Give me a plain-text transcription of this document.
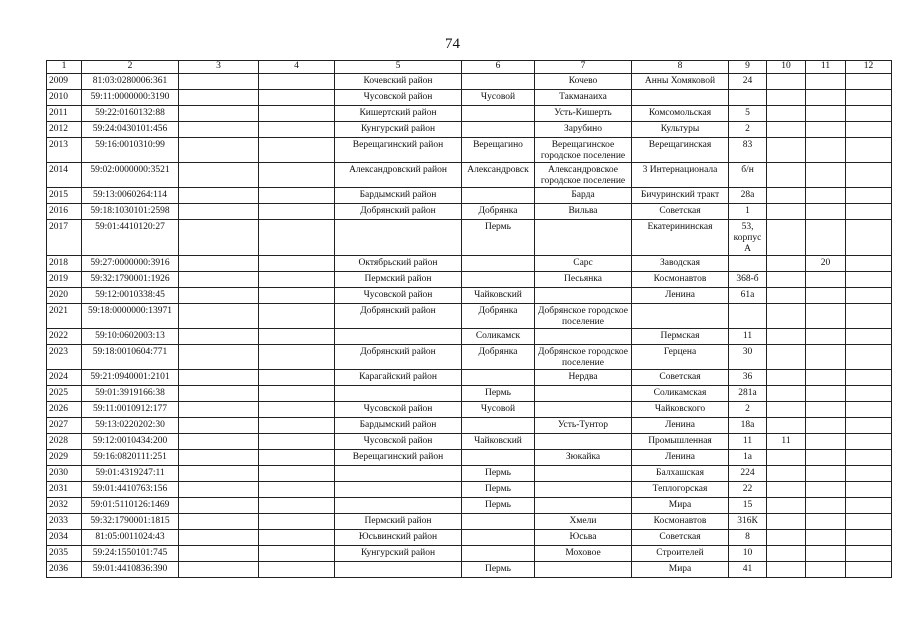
74
1	2	3	4	5	6	7	8	9	10	11	12
2009	81:03:0280006:361			Кочевский район		Кочево	Анны Хомяковой	24			
2010	59:11:0000000:3190			Чусовской район	Чусовой	Такманаиха					
2011	59:22:0160132:88			Кишертский район		Усть-Кишерть	Комсомольская	5			
2012	59:24:0430101:456			Кунгурский район		Зарубино	Культуры	2			
2013	59:16:0010310:99			Верещагинский район	Верещагино	Верещагинское городское поселение	Верещагинская	83			
2014	59:02:0000000:3521			Александровский район	Александровск	Александровское городское поселение	3 Интернационала	б/н			
2015	59:13:0060264:114			Бардымский район		Барда	Бичуринский тракт	28а			
2016	59:18:1030101:2598			Добрянский район	Добрянка	Вильва	Советская	1			
2017	59:01:4410120:27				Пермь		Екатерининская	53, корпус А			
2018	59:27:0000000:3916			Октябрьский район		Сарс	Заводская			20	
2019	59:32:1790001:1926			Пермский район		Песьянка	Космонавтов	368-б			
2020	59:12:0010338:45			Чусовской район	Чайковский		Ленина	61а			
2021	59:18:0000000:13971			Добрянский район	Добрянка	Добрянское городское поселение					
2022	59:10:0602003:13				Соликамск		Пермская	11			
2023	59:18:0010604:771			Добрянский район	Добрянка	Добрянское городское поселение	Герцена	30			
2024	59:21:0940001:2101			Карагайский район		Нердва	Советская	36			
2025	59:01:3919166:38				Пермь		Соликамская	281а			
2026	59:11:0010912:177			Чусовской район	Чусовой		Чайковского	2			
2027	59:13:0220202:30			Бардымский район		Усть-Тунтор	Ленина	18а			
2028	59:12:0010434:200			Чусовской район	Чайковский		Промышленная	11	11		
2029	59:16:0820111:251			Верещагинский район		Зюкайка	Ленина	1а			
2030	59:01:4319247:11				Пермь		Балхашская	224			
2031	59:01:4410763:156				Пермь		Теплогорская	22			
2032	59:01:5110126:1469				Пермь		Мира	15			
2033	59:32:1790001:1815			Пермский район		Хмели	Космонавтов	316К			
2034	81:05:0011024:43			Юсьвинский район		Юсьва	Советская	8			
2035	59:24:1550101:745			Кунгурский район		Моховое	Строителей	10			
2036	59:01:4410836:390				Пермь		Мира	41			
